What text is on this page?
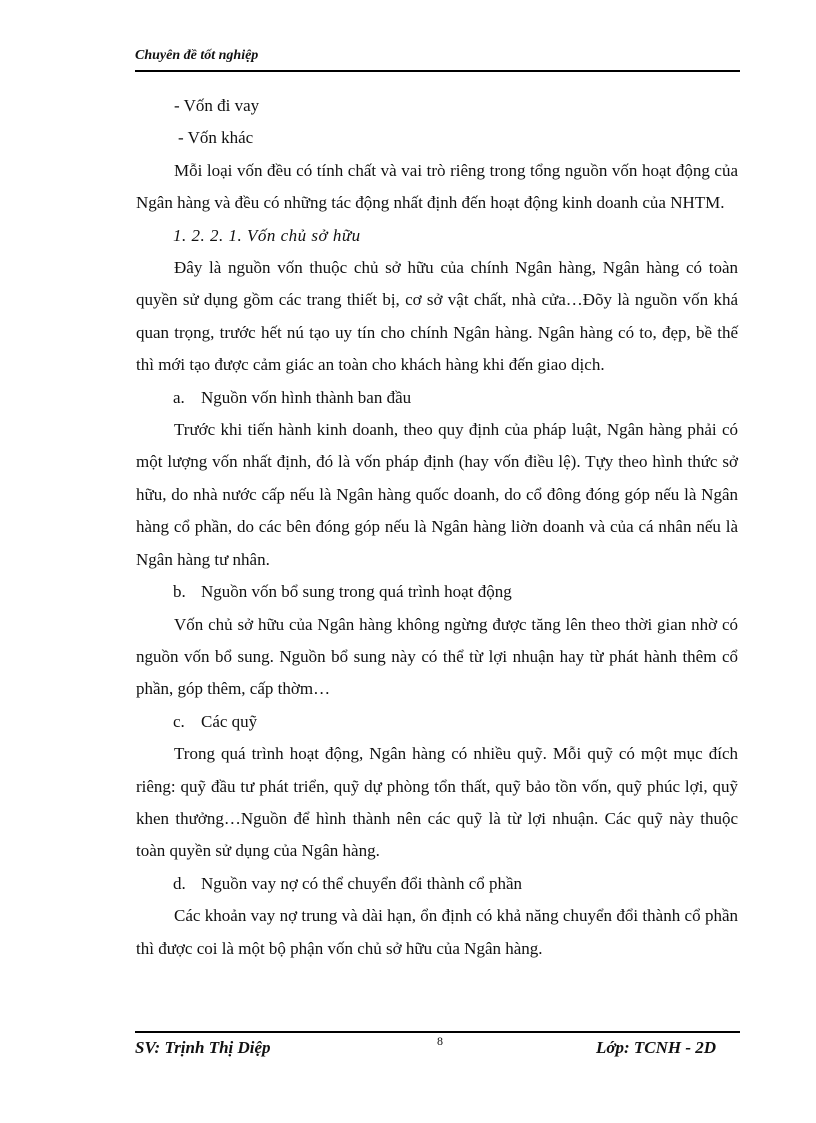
Chuyên đề tốt nghiệp

- Vốn đi vay

- Vốn khác

Mỗi loại vốn đều có tính chất và vai trò riêng trong tổng nguồn vốn hoạt động của Ngân hàng và đều có những tác động nhất định đến hoạt động kinh doanh của NHTM.

1. 2. 2. 1. Vốn chủ sở hữu

Đây là nguồn vốn thuộc chủ sở hữu của chính Ngân hàng, Ngân hàng có toàn quyền sử dụng gồm các trang thiết bị, cơ sở vật chất, nhà cửa…Đõy là nguồn vốn khá quan trọng, trước hết nú tạo uy tín cho chính Ngân hàng. Ngân hàng có to, đẹp, bề thế thì mới tạo được cảm giác an toàn cho khách hàng khi đến giao dịch.

a. Nguồn vốn hình thành ban đầu

Trước khi tiến hành kinh doanh, theo quy định của pháp luật, Ngân hàng phải có một lượng vốn nhất định, đó là vốn pháp định (hay vốn điều lệ). Tựy theo hình thức sở hữu, do nhà nước cấp nếu là Ngân hàng quốc doanh, do cổ đông đóng góp nếu là Ngân hàng cổ phần, do các bên đóng góp nếu là Ngân hàng liờn doanh và của cá nhân nếu là Ngân hàng tư nhân.

b. Nguồn vốn bổ sung trong quá trình hoạt động

Vốn chủ sở hữu của Ngân hàng không ngừng được tăng lên theo thời gian nhờ có nguồn vốn bổ sung. Nguồn bổ sung này có thể từ lợi nhuận hay từ phát hành thêm cổ phần, góp thêm, cấp thờm…

c. Các quỹ

Trong quá trình hoạt động, Ngân hàng có nhiều quỹ. Mỗi quỹ có một mục đích riêng: quỹ đầu tư phát triển, quỹ dự phòng tổn thất, quỹ bảo tồn vốn, quỹ phúc lợi, quỹ khen thưởng…Nguồn để hình thành nên các quỹ là từ lợi nhuận. Các quỹ này thuộc toàn quyền sử dụng của Ngân hàng.

d. Nguồn vay nợ có thể chuyển đổi thành cổ phần

Các khoản vay nợ trung và dài hạn, ổn định có khả năng chuyển đổi thành cổ phần thì được coi là một bộ phận vốn chủ sở hữu của Ngân hàng.

SV: Trịnh Thị Diệp	8	Lớp: TCNH - 2D
